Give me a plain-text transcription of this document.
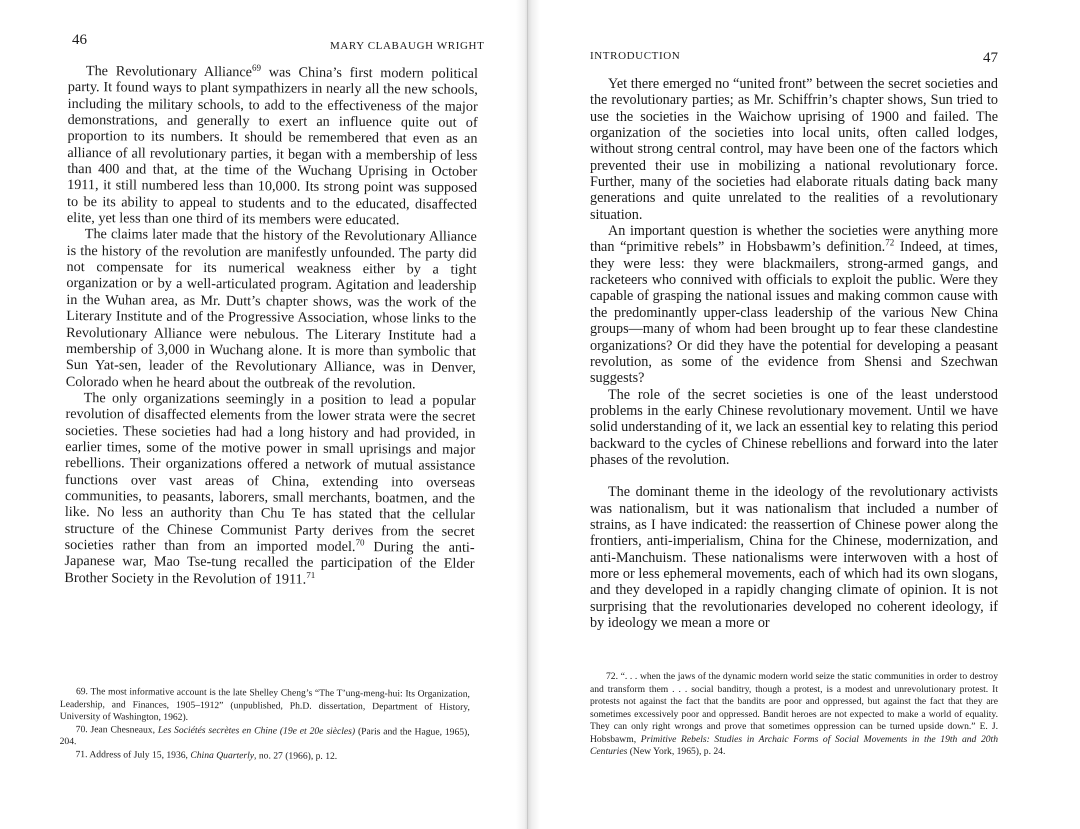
46	MARY CLABAUGH WRIGHT

The Revolutionary Alliance$^{69}$ was China’s first modern political party. It found ways to plant sympathizers in nearly all the new schools, including the military schools, to add to the effectiveness of the major demonstrations, and generally to exert an influence quite out of proportion to its numbers. It should be remembered that even as an alliance of all revolutionary parties, it began with a membership of less than 400 and that, at the time of the Wuchang Uprising in October 1911, it still numbered less than 10,000. Its strong point was supposed to be its ability to appeal to students and to the educated, disaffected elite, yet less than one third of its members were educated.

The claims later made that the history of the Revolutionary Alliance is the history of the revolution are manifestly unfounded. The party did not compensate for its numerical weakness either by a tight organization or by a well-articulated program. Agitation and leadership in the Wuhan area, as Mr. Dutt’s chapter shows, was the work of the Literary Institute and of the Progressive Association, whose links to the Revolutionary Alliance were nebulous. The Literary Institute had a membership of 3,000 in Wuchang alone. It is more than symbolic that Sun Yat-sen, leader of the Revolutionary Alliance, was in Denver, Colorado when he heard about the outbreak of the revolution.

The only organizations seemingly in a position to lead a popular revolution of disaffected elements from the lower strata were the secret societies. These societies had had a long history and had provided, in earlier times, some of the motive power in small uprisings and major rebellions. Their organizations offered a network of mutual assistance functions over vast areas of China, extending into overseas communities, to peasants, laborers, small merchants, boatmen, and the like. No less an authority than Chu Te has stated that the cellular structure of the Chinese Communist Party derives from the secret societies rather than from an imported model.$^{70}$ During the anti-Japanese war, Mao Tse-tung recalled the participation of the Elder Brother Society in the Revolution of 1911.71

69. The most informative account is the late Shelley Cheng’s “The T’ung-meng-hui: Its Organization, Leadership, and Finances, 1905–1912” (unpublished, Ph.D. dissertation, Department of History, University of Washington, 1962).

70. Jean Chesneaux, Les Sociétés secrètes en Chine (19e et 20e siècles) (Paris and the Hague, 1965), 204.

71. Address of July 15, 1936, China Quarterly, no. 27 (1966), p. 12.

INTRODUCTION	47

Yet there emerged no “united front” between the secret societies and the revolutionary parties; as Mr. Schiffrin’s chapter shows, Sun tried to use the societies in the Waichow uprising of 1900 and failed. The organization of the societies into local units, often called lodges, without strong central control, may have been one of the factors which prevented their use in mobilizing a national revolutionary force. Further, many of the societies had elaborate rituals dating back many generations and quite unrelated to the realities of a revolutionary situation.

An important question is whether the societies were anything more than “primitive rebels” in Hobsbawm’s definition.$^{72}$ Indeed, at times, they were less: they were blackmailers, strong-armed gangs, and racketeers who connived with officials to exploit the public. Were they capable of grasping the national issues and making common cause with the predominantly upper-class leadership of the various New China groups—many of whom had been brought up to fear these clandestine organizations? Or did they have the potential for developing a peasant revolution, as some of the evidence from Shensi and Szechwan suggests?

The role of the secret societies is one of the least understood problems in the early Chinese revolutionary movement. Until we have solid understanding of it, we lack an essential key to relating this period backward to the cycles of Chinese rebellions and forward into the later phases of the revolution.

The dominant theme in the ideology of the revolutionary activists was nationalism, but it was nationalism that included a number of strains, as I have indicated: the reassertion of Chinese power along the frontiers, anti-imperialism, China for the Chinese, modernization, and anti-Manchuism. These nationalisms were interwoven with a host of more or less ephemeral movements, each of which had its own slogans, and they developed in a rapidly changing climate of opinion. It is not surprising that the revolutionaries developed no coherent ideology, if by ideology we mean a more or

72. “. . . when the jaws of the dynamic modern world seize the static communities in order to destroy and transform them . . . social banditry, though a protest, is a modest and unrevolutionary protest. It protests not against the fact that the bandits are poor and oppressed, but against the fact that they are sometimes excessively poor and oppressed. Bandit heroes are not expected to make a world of equality. They can only right wrongs and prove that sometimes oppression can be turned upside down.” E. J. Hobsbawm, Primitive Rebels: Studies in Archaic Forms of Social Movements in the 19th and 20th Centuries (New York, 1965), p. 24.
